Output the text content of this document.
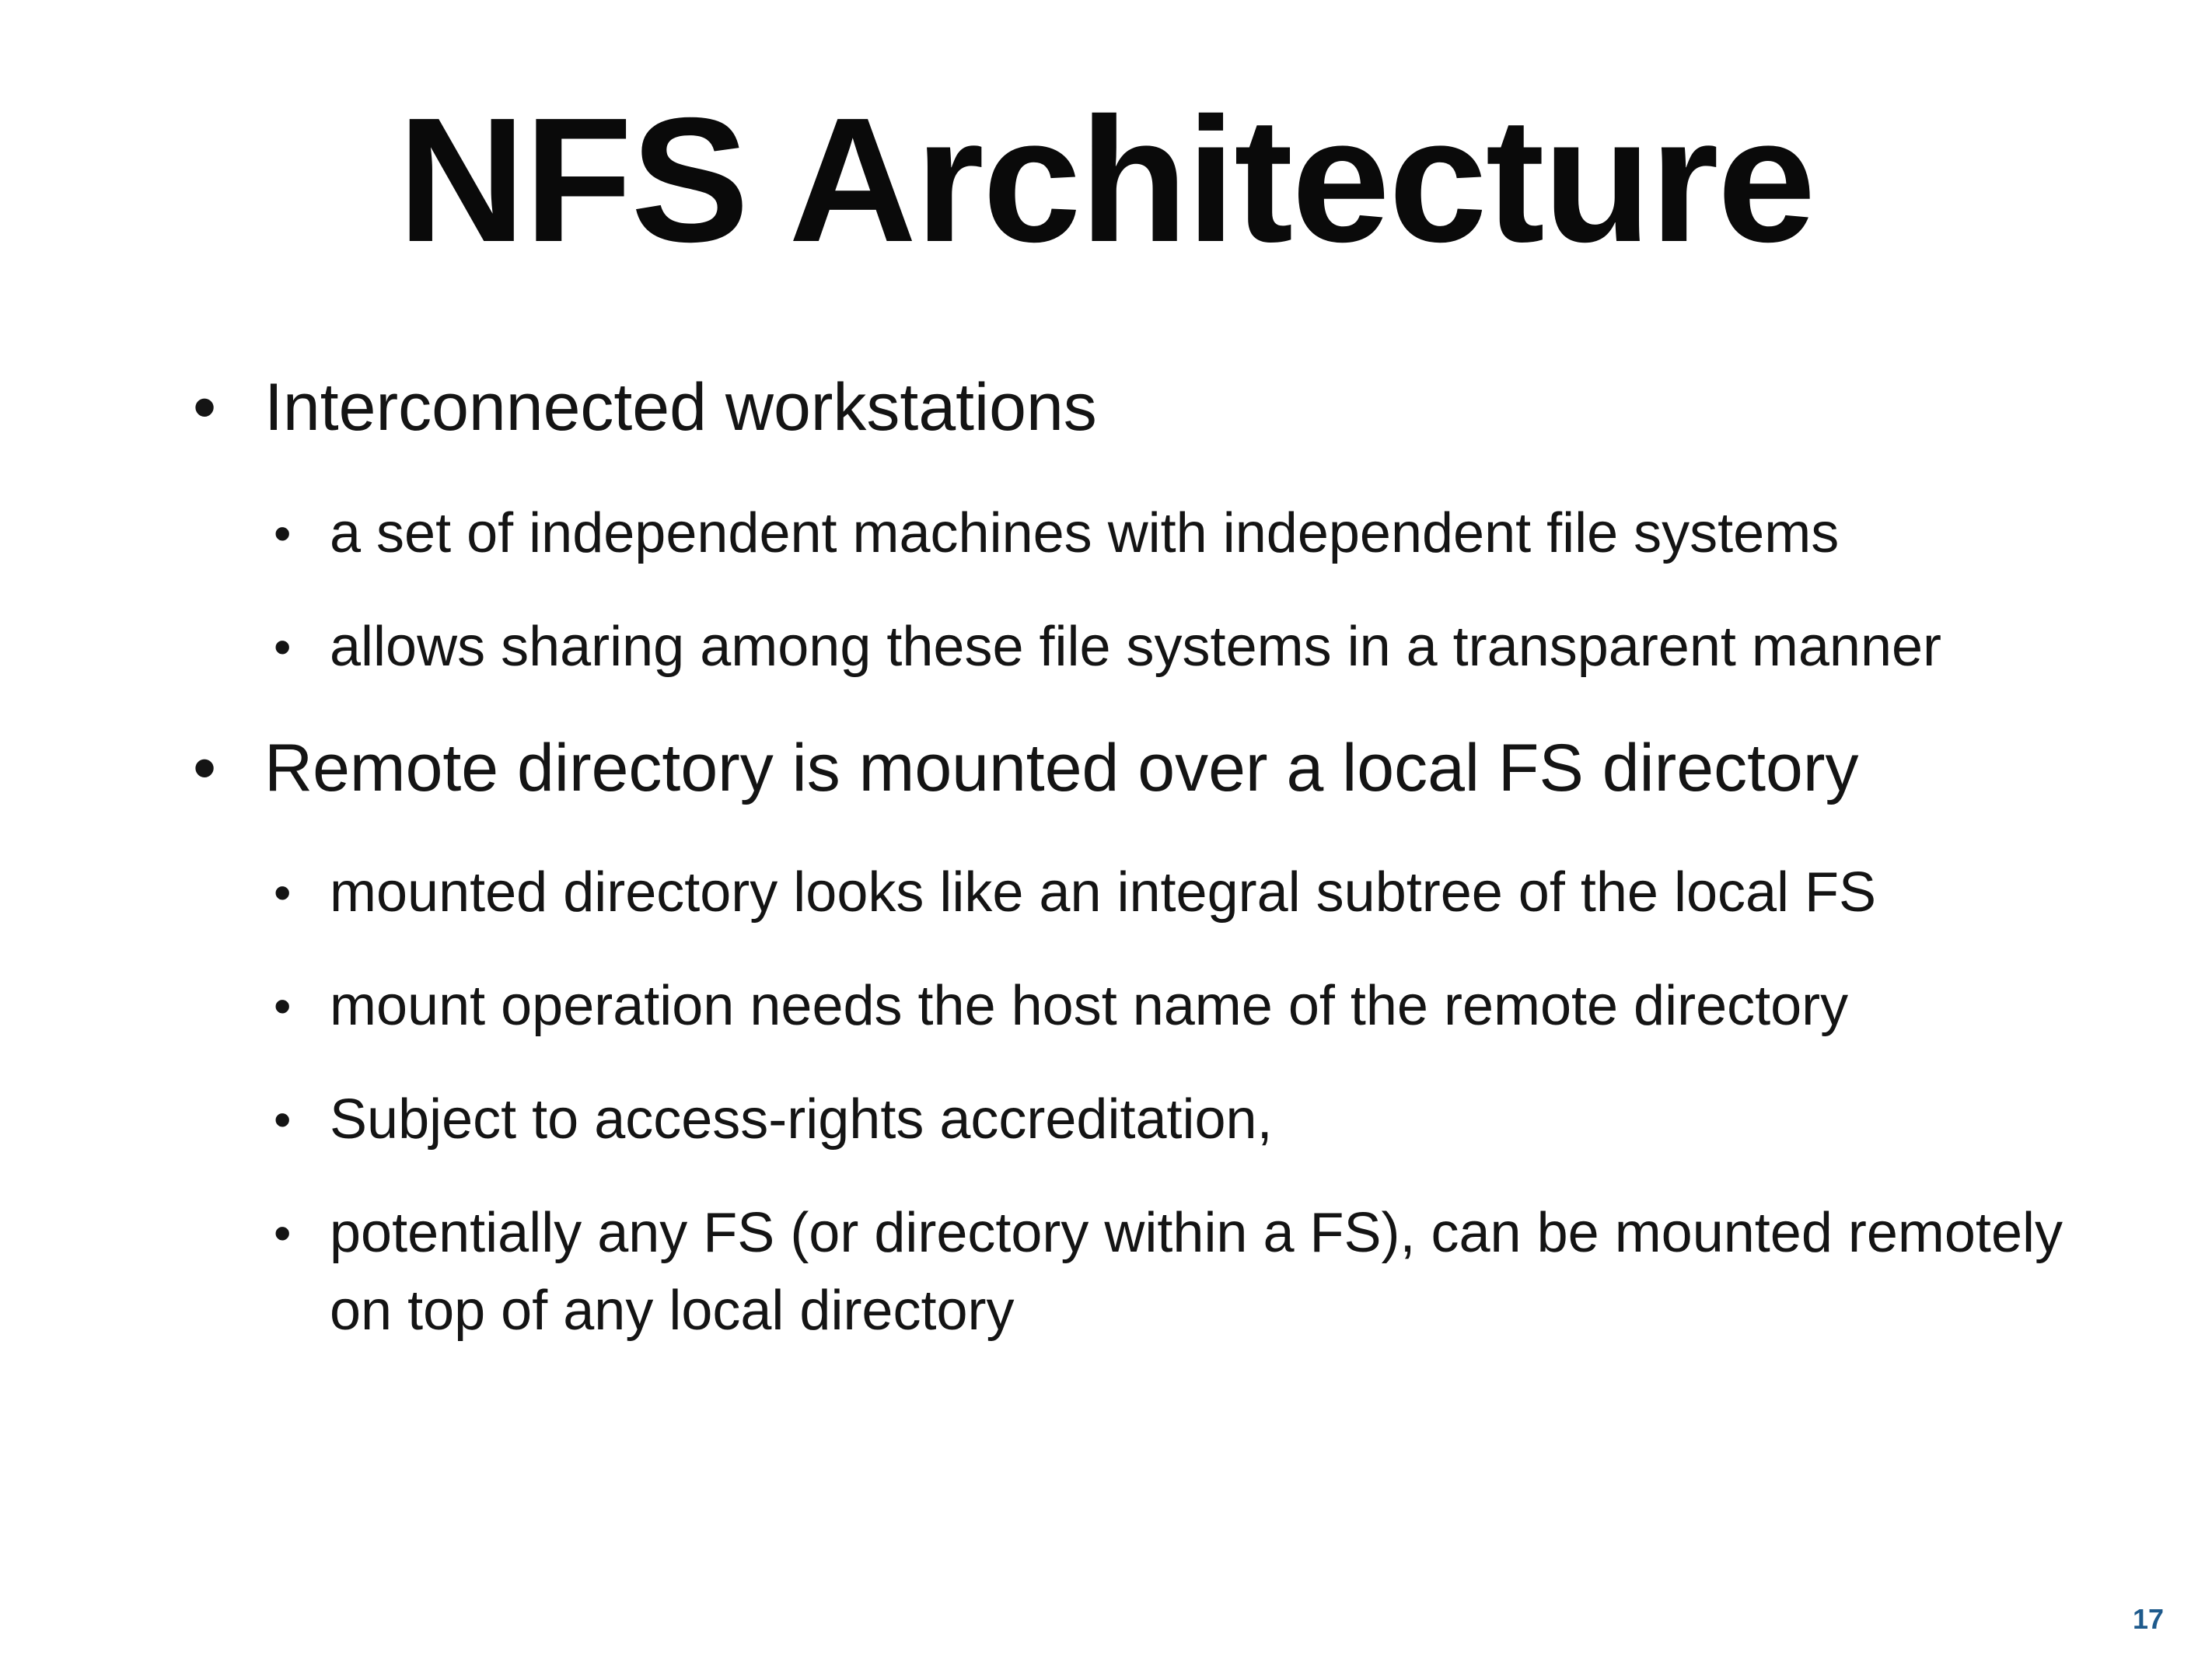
NFS Architecture
• Interconnected workstations
• a set of independent machines with independent file systems
• allows sharing among these file systems in a transparent manner
• Remote directory is mounted over a local FS directory
• mounted directory looks like an integral subtree of the local FS
• mount operation needs the host name of the remote directory
• Subject to access-rights accreditation,
• potentially any FS (or directory within a FS), can be mounted remotely on top of any local directory
17
